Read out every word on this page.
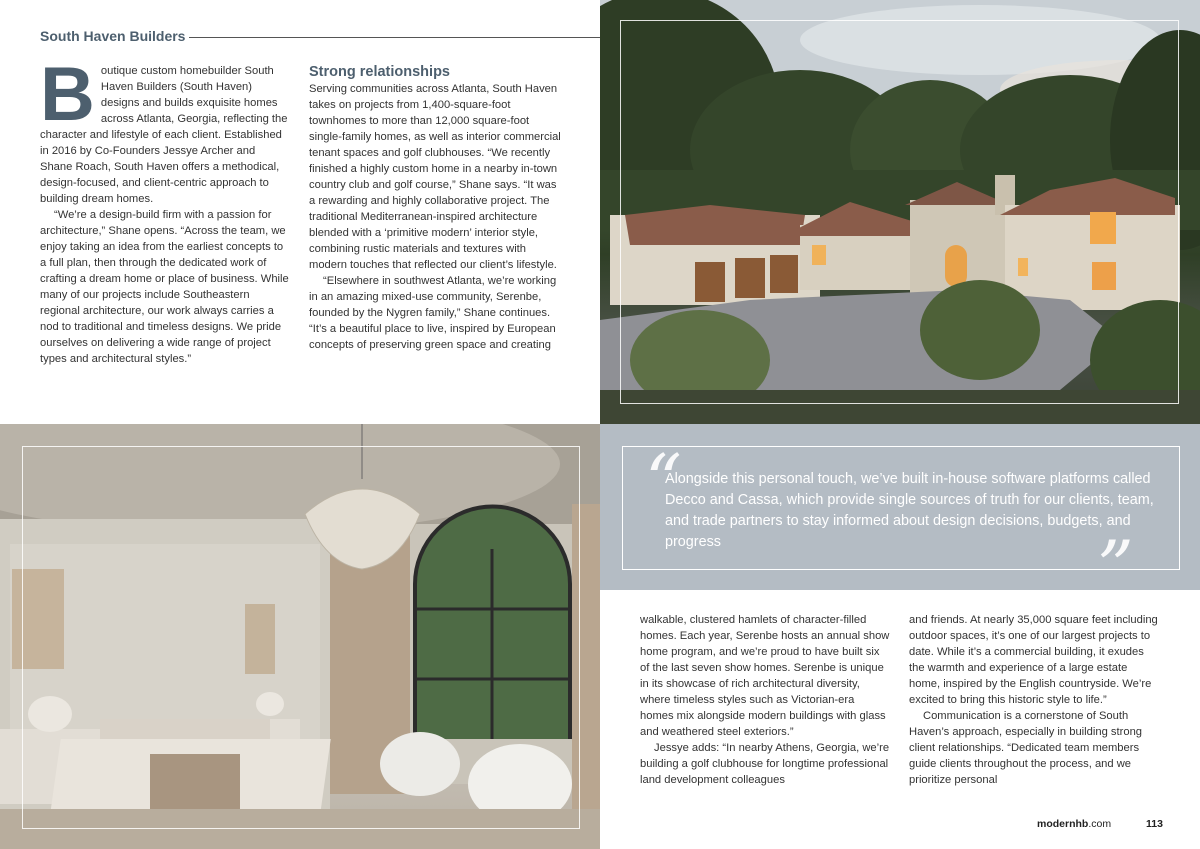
South Haven Builders
B outique custom homebuilder South Haven Builders (South Haven) designs and builds exquisite homes across Atlanta, Georgia, reflecting the character and lifestyle of each client. Established in 2016 by Co-Founders Jessye Archer and Shane Roach, South Haven offers a methodical, design-focused, and client-centric approach to building dream homes.

“We’re a design-build firm with a passion for architecture,” Shane opens. “Across the team, we enjoy taking an idea from the earliest concepts to a full plan, then through the dedicated work of crafting a dream home or place of business. While many of our projects include Southeastern regional architecture, our work always carries a nod to traditional and timeless designs. We pride ourselves on delivering a wide range of project types and architectural styles.”

Strong relationships

Serving communities across Atlanta, South Haven takes on projects from 1,400-square-foot townhomes to more than 12,000 square-foot single-family homes, as well as interior commercial tenant spaces and golf clubhouses. “We recently finished a highly custom home in a nearby in-town country club and golf course,” Shane says. “It was a rewarding and highly collaborative project. The traditional Mediterranean-inspired architecture blended with a ‘primitive modern’ interior style, combining rustic materials and textures with modern touches that reflected our client’s lifestyle.

“Elsewhere in southwest Atlanta, we’re working in an amazing mixed-use community, Serenbe, founded by the Nygren family,” Shane continues. “It’s a beautiful place to live, inspired by European concepts of preserving green space and creating

“
Alongside this personal touch, we’ve built in-house software platforms called Decco and Cassa, which provide single sources of truth for our clients, team, and trade partners to stay informed about design decisions, budgets, and progress	”

walkable, clustered hamlets of character-filled homes. Each year, Serenbe hosts an annual show home program, and we’re proud to have built six of the last seven show homes. Serenbe is unique in its showcase of rich architectural diversity, where timeless styles such as Victorian-era homes mix alongside modern buildings with glass and weathered steel exteriors.”

Jessye adds: “In nearby Athens, Georgia, we’re building a golf clubhouse for longtime professional land development colleagues

and friends. At nearly 35,000 square feet including outdoor spaces, it’s one of our largest projects to date. While it’s a commercial building, it exudes the warmth and experience of a large estate home, inspired by the English countryside. We’re excited to bring this historic style to life.”

Communication is a cornerstone of South Haven’s approach, especially in building strong client relationships. “Dedicated team members guide clients throughout the process, and we prioritize personal

modernhb.com	113
